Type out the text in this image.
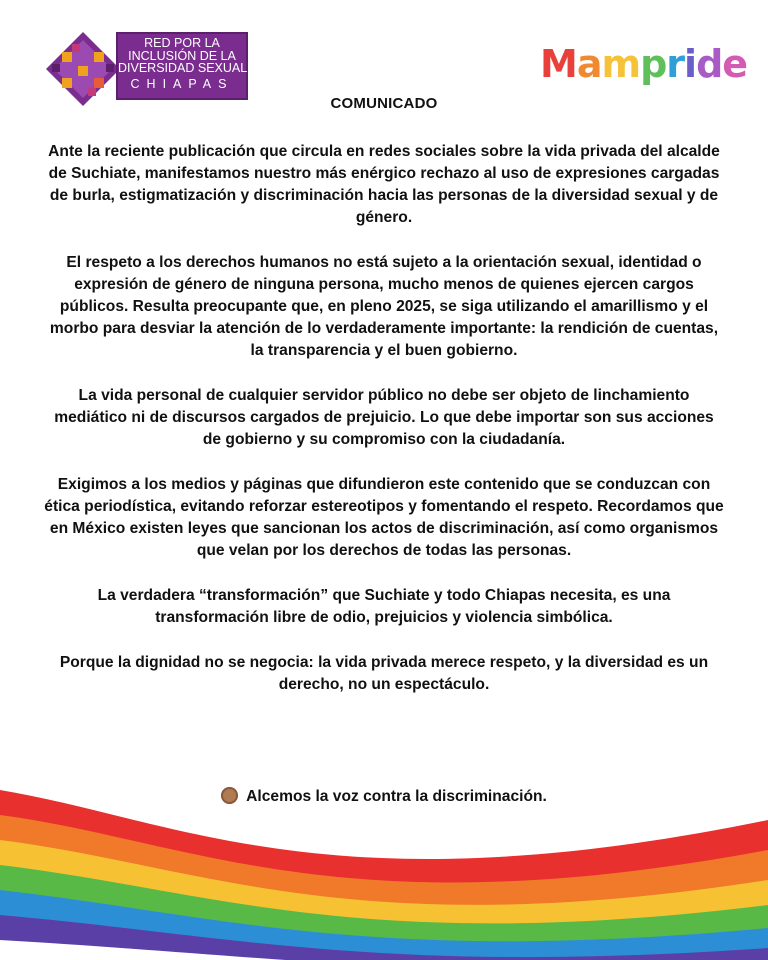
RED POR LA
INCLUSIÓN DE LA
DIVERSIDAD SEXUAL
CHIAPAS	Mampride
COMUNICADO

Ante la reciente publicación que circula en redes sociales sobre la vida privada del alcalde de Suchiate, manifestamos nuestro más enérgico rechazo al uso de expresiones cargadas de burla, estigmatización y discriminación hacia las personas de la diversidad sexual y de género.

El respeto a los derechos humanos no está sujeto a la orientación sexual, identidad o expresión de género de ninguna persona, mucho menos de quienes ejercen cargos públicos. Resulta preocupante que, en pleno 2025, se siga utilizando el amarillismo y el morbo para desviar la atención de lo verdaderamente importante: la rendición de cuentas, la transparencia y el buen gobierno.

La vida personal de cualquier servidor público no debe ser objeto de linchamiento mediático ni de discursos cargados de prejuicio. Lo que debe importar son sus acciones de gobierno y su compromiso con la ciudadanía.

Exigimos a los medios y páginas que difundieron este contenido que se conduzcan con ética periodística, evitando reforzar estereotipos y fomentando el respeto. Recordamos que en México existen leyes que sancionan los actos de discriminación, así como organismos que velan por los derechos de todas las personas.

La verdadera “transformación” que Suchiate y todo Chiapas necesita, es una transformación libre de odio, prejuicios y violencia simbólica.

Porque la dignidad no se negocia: la vida privada merece respeto, y la diversidad es un derecho, no un espectáculo.

Alcemos la voz contra la discriminación.
